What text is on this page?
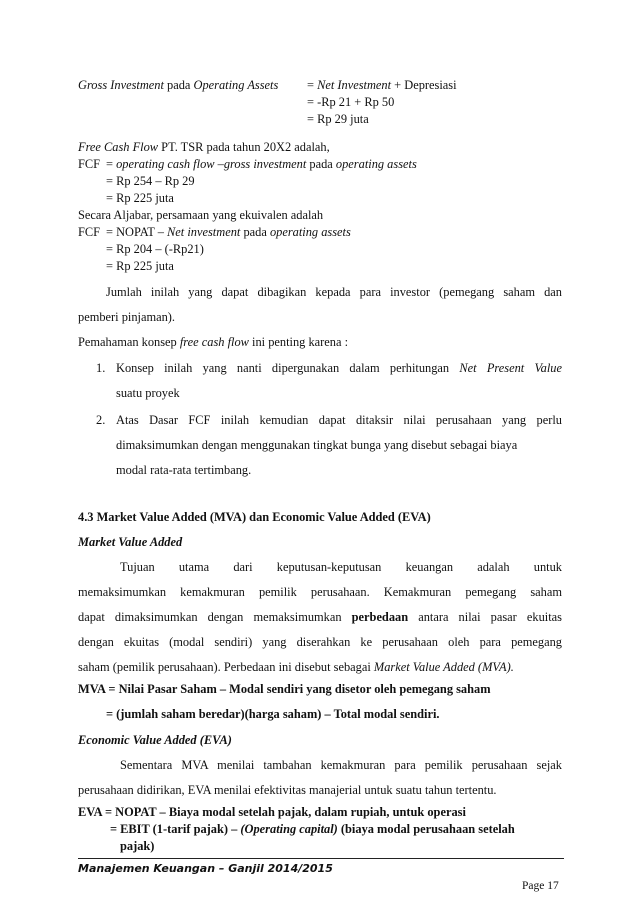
Gross Investment pada Operating Assets = Net Investment + Depresiasi
= -Rp 21 + Rp 50
= Rp 29 juta
Free Cash Flow PT. TSR pada tahun 20X2 adalah,
FCF = operating cash flow –gross investment pada operating assets
= Rp 254 – Rp 29
= Rp 225 juta
Secara Aljabar, persamaan yang ekuivalen adalah
FCF = NOPAT – Net investment pada operating assets
= Rp 204 – (-Rp21)
= Rp 225 juta
Jumlah inilah yang dapat dibagikan kepada para investor (pemegang saham dan
pemberi pinjaman).
Pemahaman konsep free cash flow ini penting karena :
1. Konsep inilah yang nanti dipergunakan dalam perhitungan Net Present Value
suatu proyek
2. Atas Dasar FCF inilah kemudian dapat ditaksir nilai perusahaan yang perlu
dimaksimumkan dengan menggunakan tingkat bunga yang disebut sebagai biaya
modal rata-rata tertimbang.
4.3 Market Value Added (MVA) dan Economic Value Added (EVA)
Market Value Added
Tujuan utama dari keputusan-keputusan keuangan adalah untuk
memaksimumkan kemakmuran pemilik perusahaan. Kemakmuran pemegang saham
dapat dimaksimumkan dengan memaksimumkan perbedaan antara nilai pasar ekuitas
dengan ekuitas (modal sendiri) yang diserahkan ke perusahaan oleh para pemegang
saham (pemilik perusahaan). Perbedaan ini disebut sebagai Market Value Added (MVA).
MVA = Nilai Pasar Saham – Modal sendiri yang disetor oleh pemegang saham
= (jumlah saham beredar)(harga saham) – Total modal sendiri.
Economic Value Added (EVA)
Sementara MVA menilai tambahan kemakmuran para pemilik perusahaan sejak
perusahaan didirikan, EVA menilai efektivitas manajerial untuk suatu tahun tertentu.
EVA = NOPAT – Biaya modal setelah pajak, dalam rupiah, untuk operasi
= EBIT (1-tarif pajak) – (Operating capital) (biaya modal perusahaan setelah
pajak)
Manajemen Keuangan – Ganjil 2014/2015
Page 17
